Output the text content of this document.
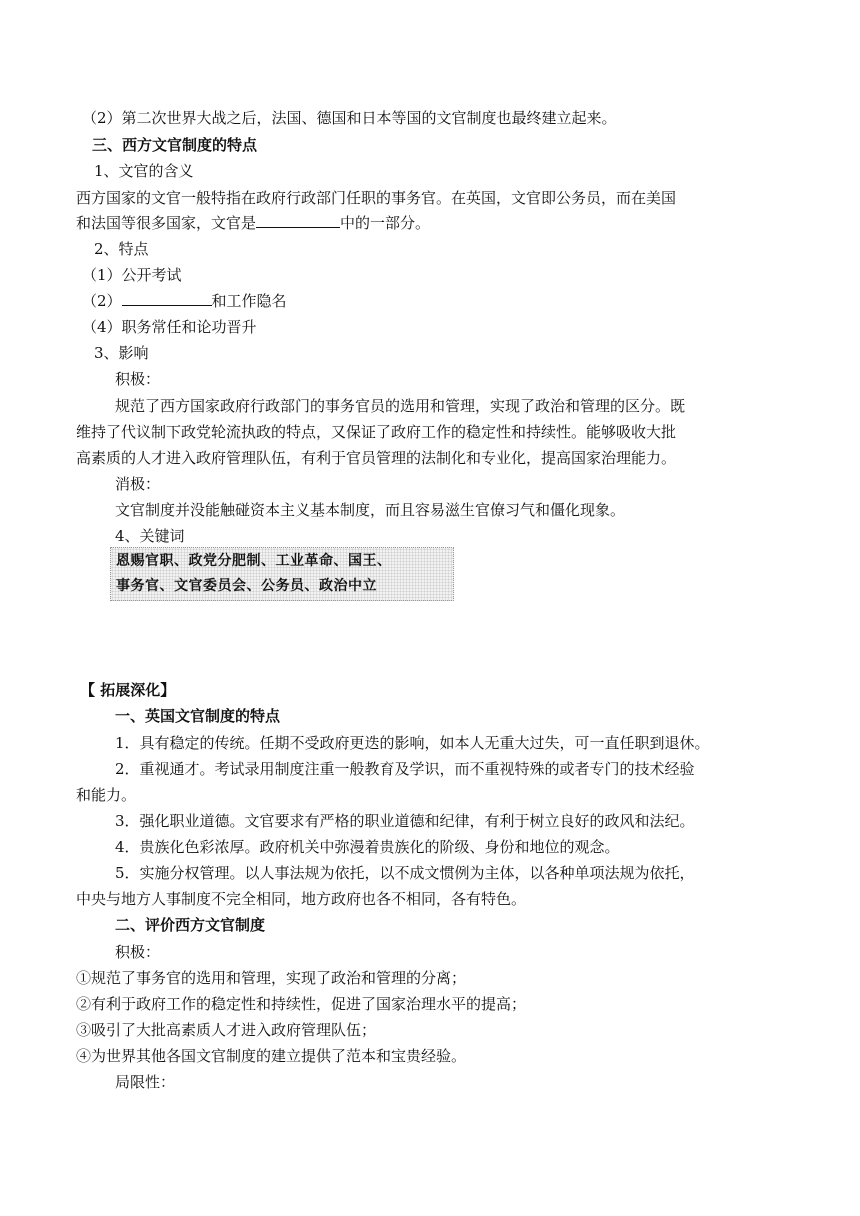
（2）第二次世界大战之后，法国、德国和日本等国的文官制度也最终建立起来。
三、西方文官制度的特点
1、文官的含义
西方国家的文官一般特指在政府行政部门任职的事务官。在英国，文官即公务员，而在美国
和法国等很多国家，文官是	中的一部分。
2、特点
（1）公开考试
（2）	和工作隐名
（4）职务常任和论功晋升
3、影响
积极：
规范了西方国家政府行政部门的事务官员的选用和管理，实现了政治和管理的区分。既
维持了代议制下政党轮流执政的特点，又保证了政府工作的稳定性和持续性。能够吸收大批
高素质的人才进入政府管理队伍，有利于官员管理的法制化和专业化，提高国家治理能力。
消极：
文官制度并没能触碰资本主义基本制度，而且容易滋生官僚习气和僵化现象。
4、关键词
恩赐官职、政党分肥制、工业革命、国王、
事务官、文官委员会、公务员、政治中立
【 拓展深化】
一、英国文官制度的特点
1．具有稳定的传统。任期不受政府更迭的影响，如本人无重大过失，可一直任职到退休。
2．重视通才。考试录用制度注重一般教育及学识，而不重视特殊的或者专门的技术经验
和能力。
3．强化职业道德。文官要求有严格的职业道德和纪律，有利于树立良好的政风和法纪。
4．贵族化色彩浓厚。政府机关中弥漫着贵族化的阶级、身份和地位的观念。
5．实施分权管理。以人事法规为依托，以不成文惯例为主体，以各种单项法规为依托，
中央与地方人事制度不完全相同，地方政府也各不相同，各有特色。
二、评价西方文官制度
积极：
①规范了事务官的选用和管理，实现了政治和管理的分离；
②有利于政府工作的稳定性和持续性，促进了国家治理水平的提高；
③吸引了大批高素质人才进入政府管理队伍；
④为世界其他各国文官制度的建立提供了范本和宝贵经验。
局限性：
